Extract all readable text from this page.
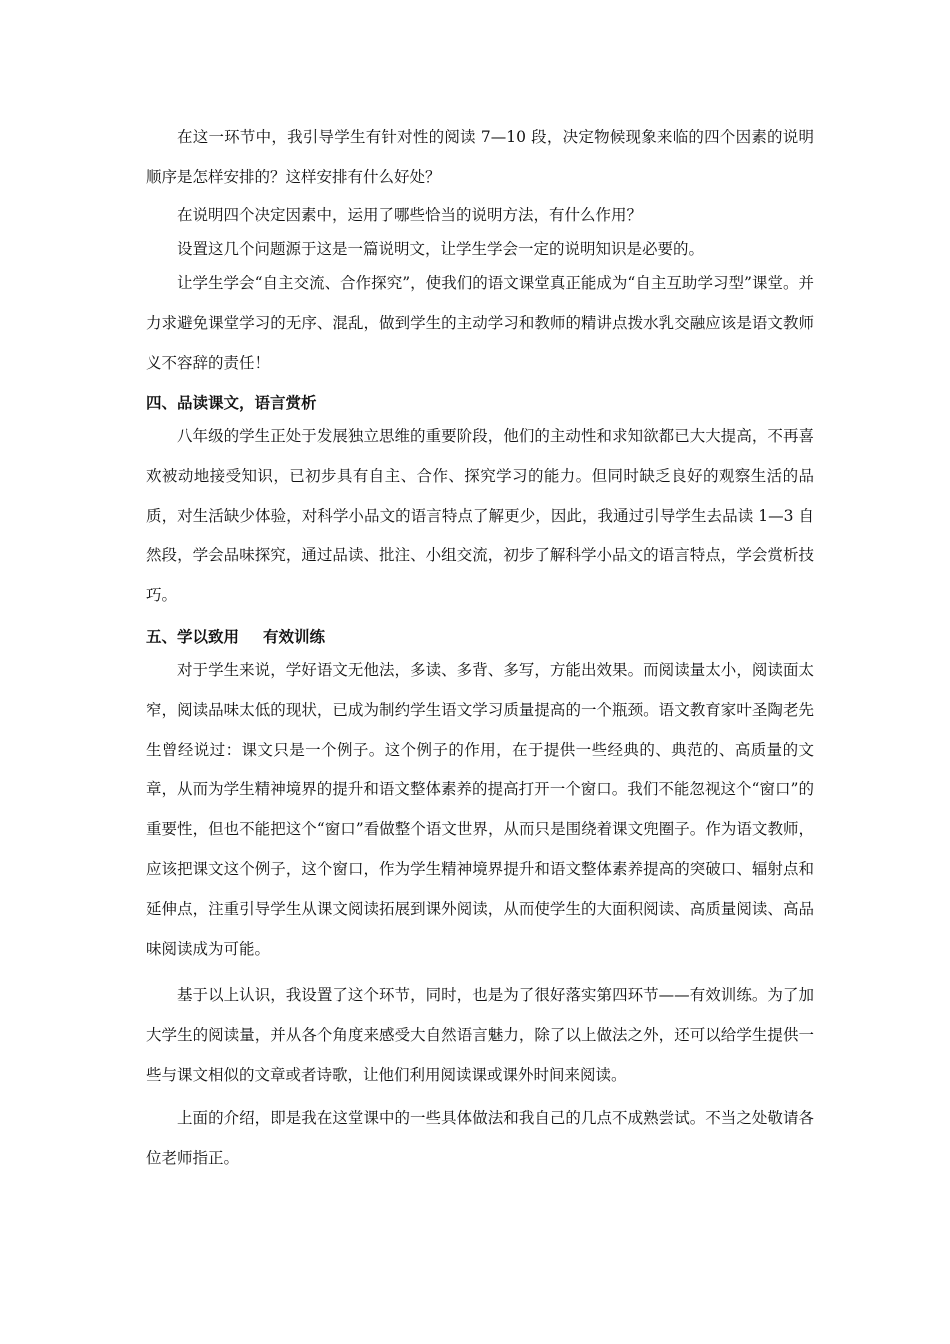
在这一环节中，我引导学生有针对性的阅读 7—10 段，决定物候现象来临的四个因素的说明顺序是怎样安排的？这样安排有什么好处？

在说明四个决定因素中，运用了哪些恰当的说明方法，有什么作用？

设置这几个问题源于这是一篇说明文，让学生学会一定的说明知识是必要的。

让学生学会“自主交流、合作探究”，使我们的语文课堂真正能成为“自主互助学习型”课堂。并力求避免课堂学习的无序、混乱，做到学生的主动学习和教师的精讲点拨水乳交融应该是语文教师义不容辞的责任！

四、品读课文，语言赏析

八年级的学生正处于发展独立思维的重要阶段，他们的主动性和求知欲都已大大提高，不再喜欢被动地接受知识，已初步具有自主、合作、探究学习的能力。但同时缺乏良好的观察生活的品质，对生活缺少体验，对科学小品文的语言特点了解更少，因此，我通过引导学生去品读 1—3 自然段，学会品味探究，通过品读、批注、小组交流，初步了解科学小品文的语言特点，学会赏析技巧。

五、学以致用 有效训练

对于学生来说，学好语文无他法，多读、多背、多写，方能出效果。而阅读量太小，阅读面太窄，阅读品味太低的现状，已成为制约学生语文学习质量提高的一个瓶颈。语文教育家叶圣陶老先生曾经说过：课文只是一个例子。这个例子的作用，在于提供一些经典的、典范的、高质量的文章，从而为学生精神境界的提升和语文整体素养的提高打开一个窗口。我们不能忽视这个“窗口”的重要性，但也不能把这个“窗口”看做整个语文世界，从而只是围绕着课文兜圈子。作为语文教师，应该把课文这个例子，这个窗口，作为学生精神境界提升和语文整体素养提高的突破口、辐射点和延伸点，注重引导学生从课文阅读拓展到课外阅读，从而使学生的大面积阅读、高质量阅读、高品味阅读成为可能。

基于以上认识，我设置了这个环节，同时，也是为了很好落实第四环节——有效训练。为了加大学生的阅读量，并从各个角度来感受大自然语言魅力，除了以上做法之外，还可以给学生提供一些与课文相似的文章或者诗歌，让他们利用阅读课或课外时间来阅读。

上面的介绍，即是我在这堂课中的一些具体做法和我自己的几点不成熟尝试。不当之处敬请各位老师指正。
